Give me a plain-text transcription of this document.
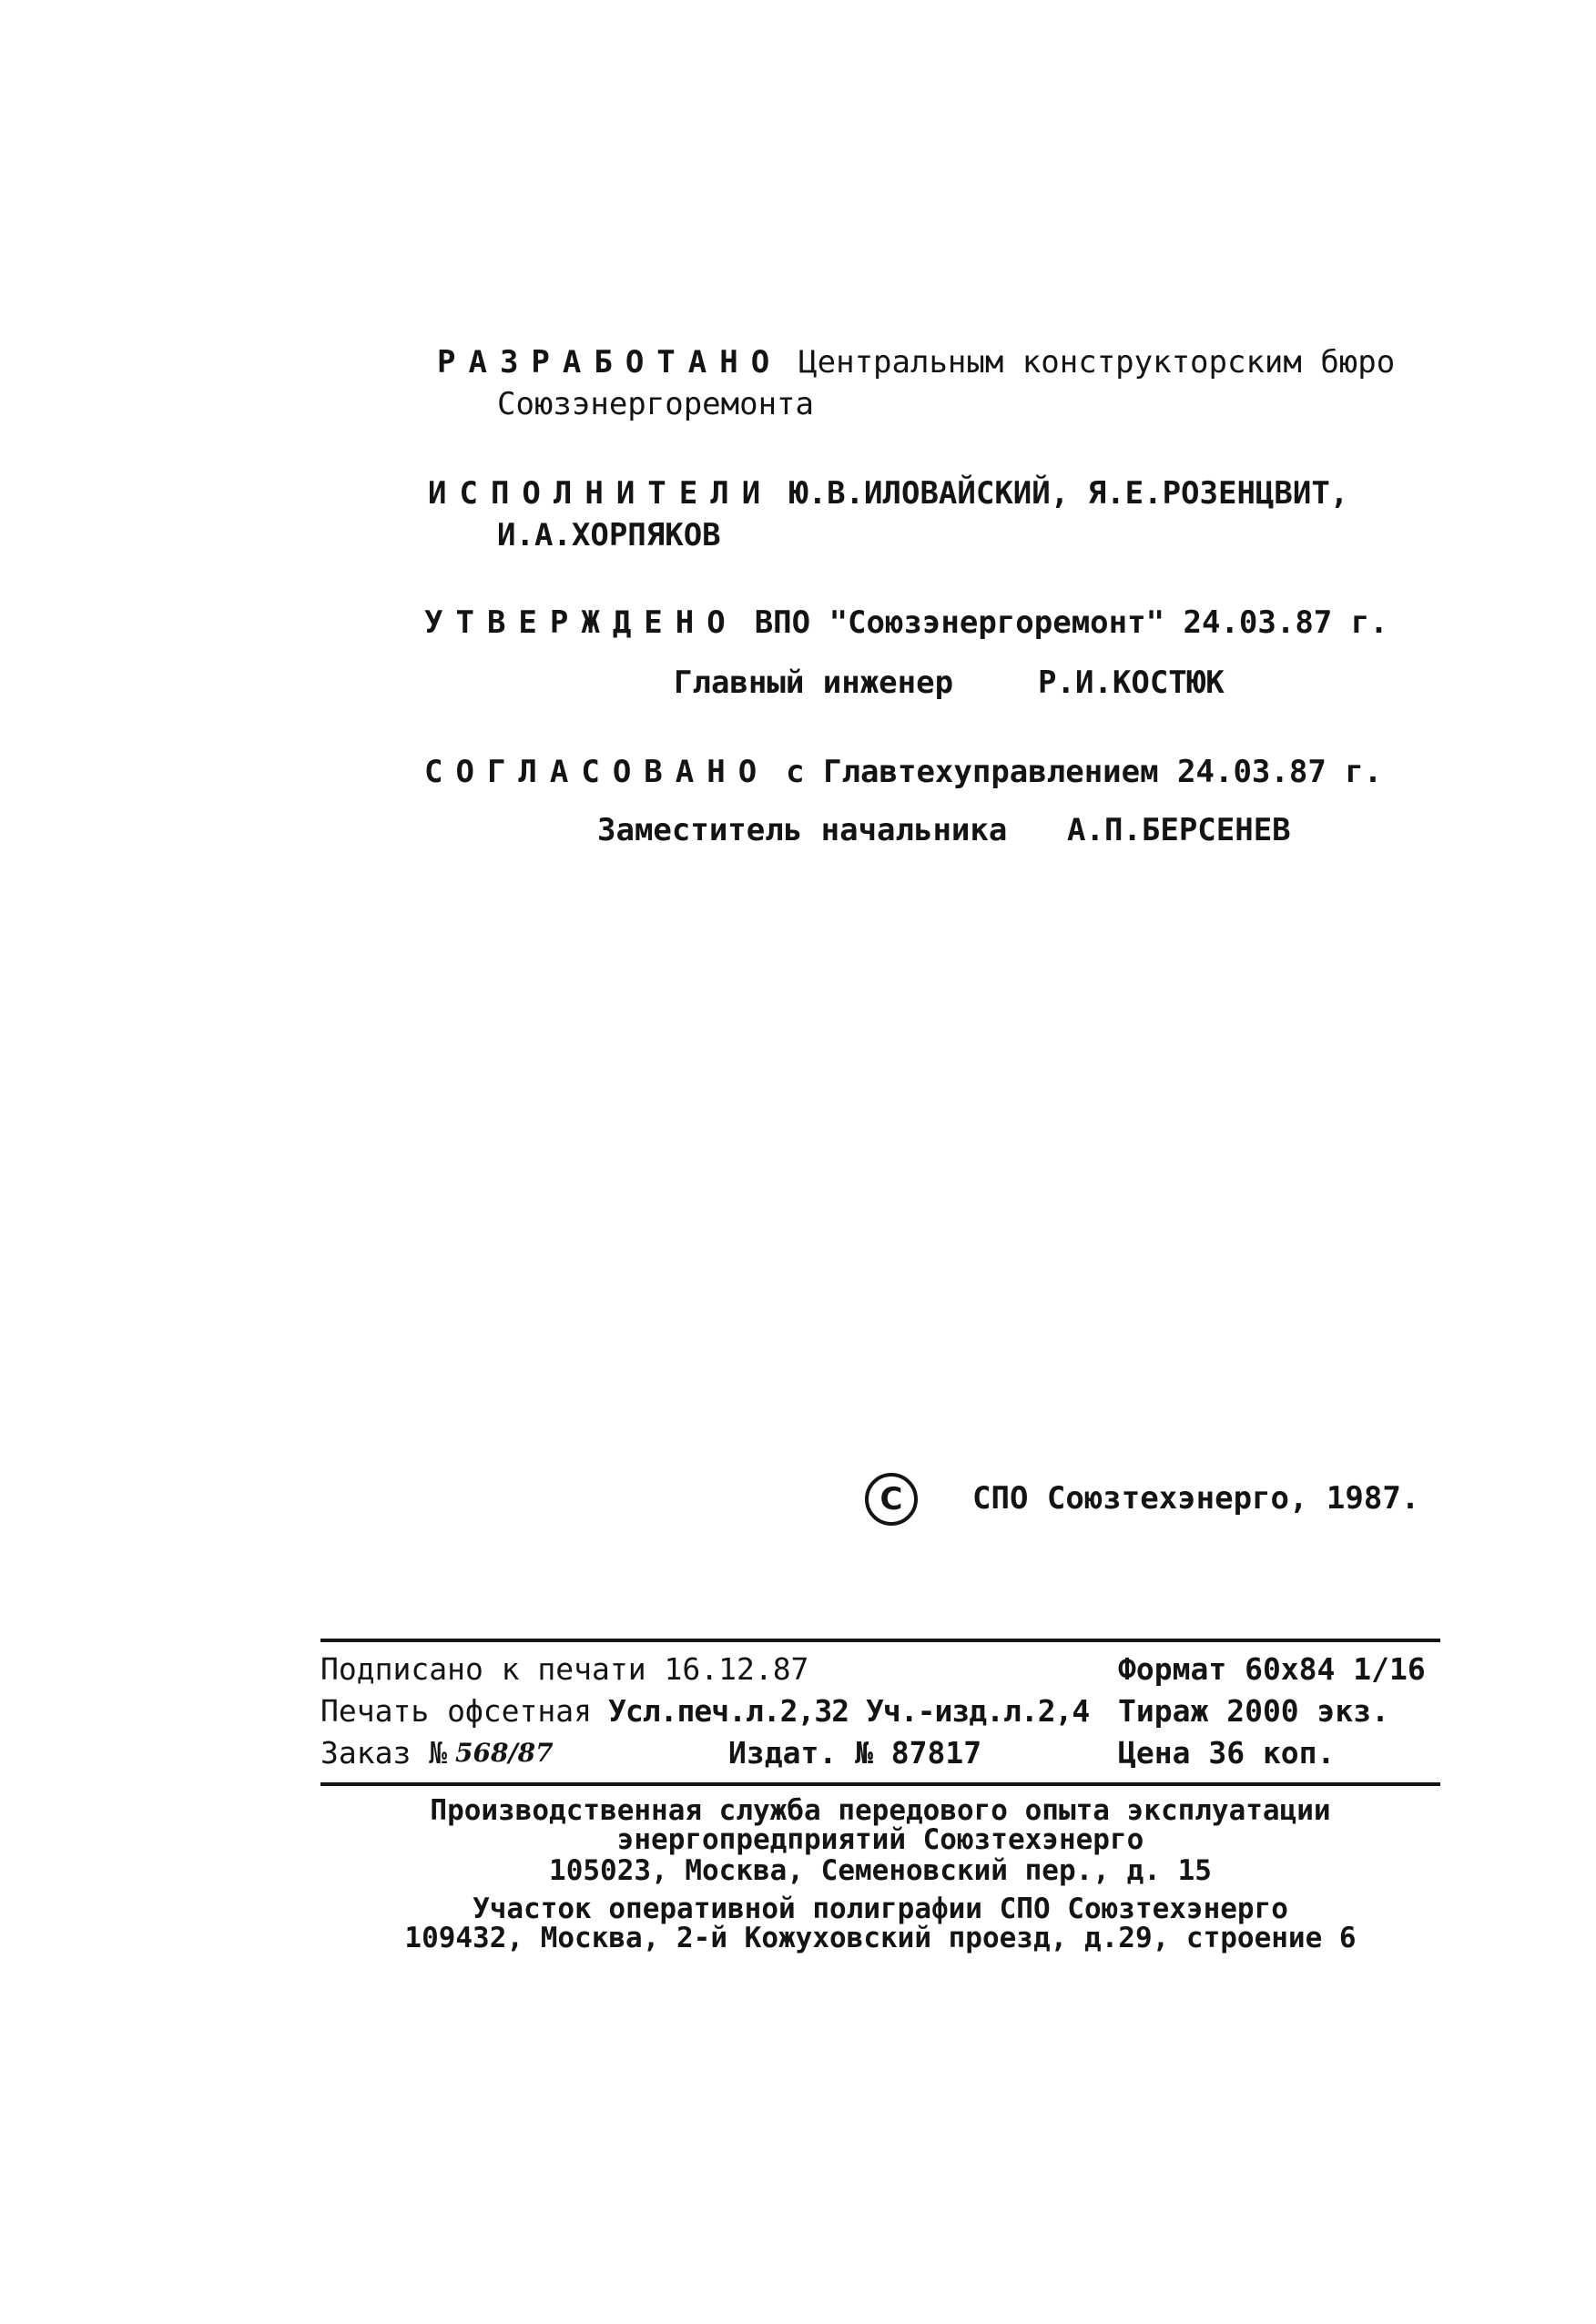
РАЗРАБОТАНО Центральным конструкторским бюро
Союзэнергоремонта
ИСПОЛНИТЕЛИ Ю.В.ИЛОВАЙСКИЙ, Я.Е.РОЗЕНЦВИТ,
И.А.ХОРПЯКОВ
УТВЕРЖДЕНО ВПО "Союзэнергоремонт" 24.03.87 г.
Главный инженер	Р.И.КОСТЮК
СОГЛАСОВАНО с Главтехуправлением 24.03.87 г.
Заместитель начальника А.П.БЕРСЕНЕВ
С	СПО Союзтехэнерго, 1987.
Подписано к печати 16.12.87	Формат 60х84 1/16
Печать офсетная Усл.печ.л.2,32 Уч.-изд.л.2,4 Тираж 2000 экз.
Заказ № 568/87	Издат. № 87817	Цена 36 коп.
Производственная служба передового опыта эксплуатации
энергопредприятий Союзтехэнерго
105023, Москва, Семеновский пер., д. 15
Участок оперативной полиграфии СПО Союзтехэнерго
109432, Москва, 2-й Кожуховский проезд, д.29, строение 6
